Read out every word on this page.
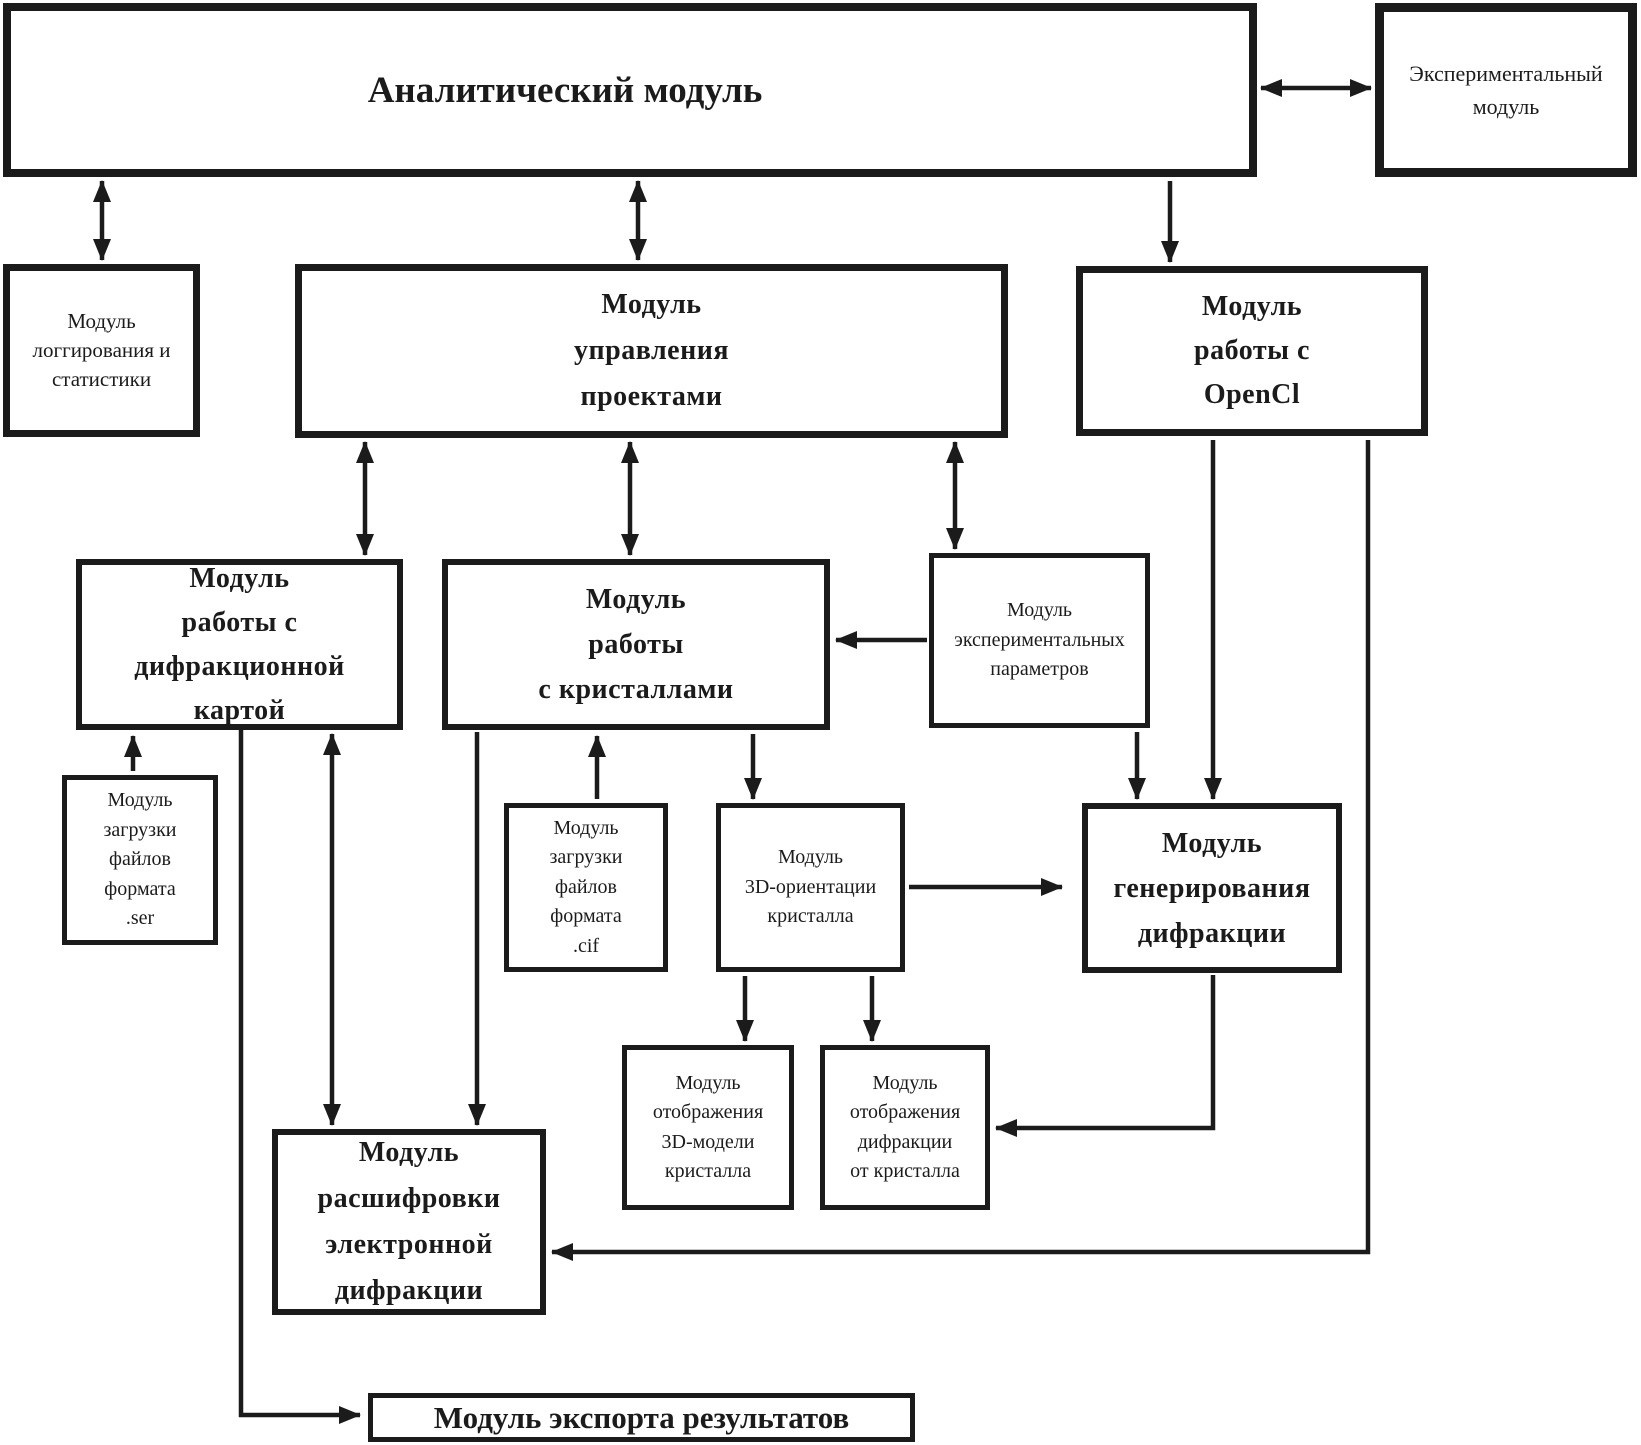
Аналитический модуль	Экспериментальный
модуль
Модуль
логгирования и
статистики
Модуль
управления
проектами
Модуль
работы с
OpenCl
Модуль
работы с
дифракционной
картой
Модуль
работы
с кристаллами
Модуль
экспериментальных
параметров
Модуль
загрузки
файлов
формата
.ser
Модуль
загрузки
файлов
формата
.cif
Модуль
3D-ориентации
кристалла
Модуль
генерирования
дифракции
Модуль
отображения
3D-модели
кристалла
Модуль
отображения
дифракции
от кристалла
Модуль
расшифровки
электронной
дифракции
Модуль экспорта результатов
